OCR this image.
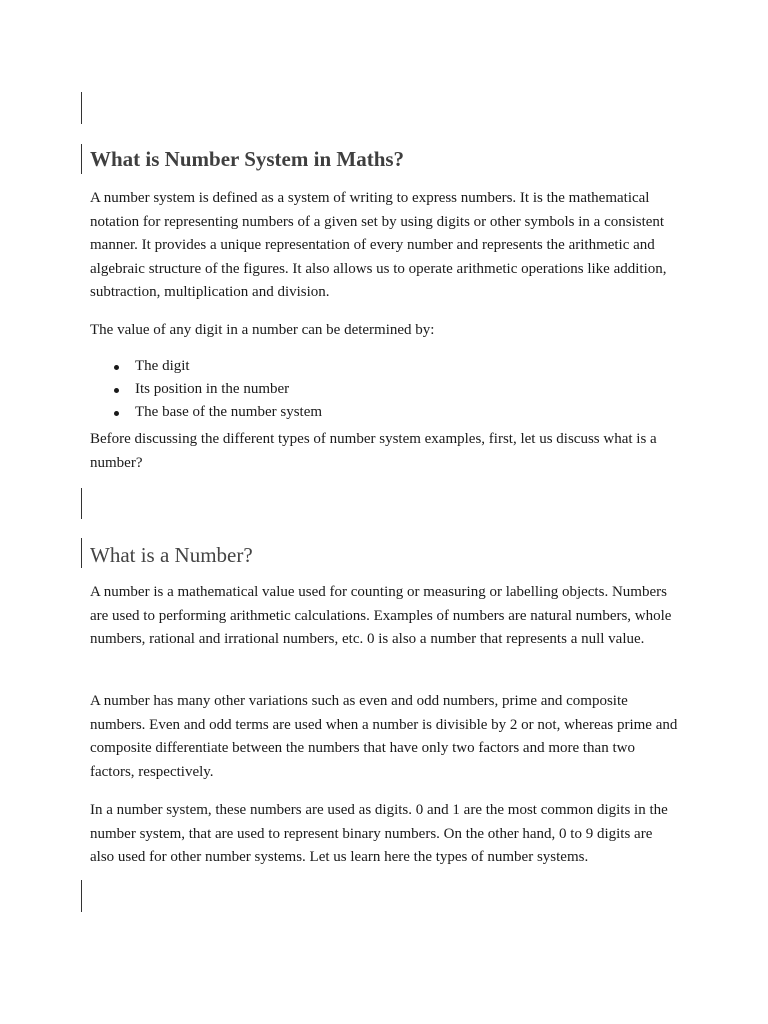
What is Number System in Maths?

A number system is defined as a system of writing to express numbers. It is the mathematical notation for representing numbers of a given set by using digits or other symbols in a consistent manner. It provides a unique representation of every number and represents the arithmetic and algebraic structure of the figures. It also allows us to operate arithmetic operations like addition, subtraction, multiplication and division.

The value of any digit in a number can be determined by:

The digit
Its position in the number
The base of the number system

Before discussing the different types of number system examples, first, let us discuss what is a number?

What is a Number?

A number is a mathematical value used for counting or measuring or labelling objects. Numbers are used to performing arithmetic calculations. Examples of numbers are natural numbers, whole numbers, rational and irrational numbers, etc. 0 is also a number that represents a null value.

A number has many other variations such as even and odd numbers, prime and composite numbers. Even and odd terms are used when a number is divisible by 2 or not, whereas prime and composite differentiate between the numbers that have only two factors and more than two factors, respectively.

In a number system, these numbers are used as digits. 0 and 1 are the most common digits in the number system, that are used to represent binary numbers. On the other hand, 0 to 9 digits are also used for other number systems. Let us learn here the types of number systems.
